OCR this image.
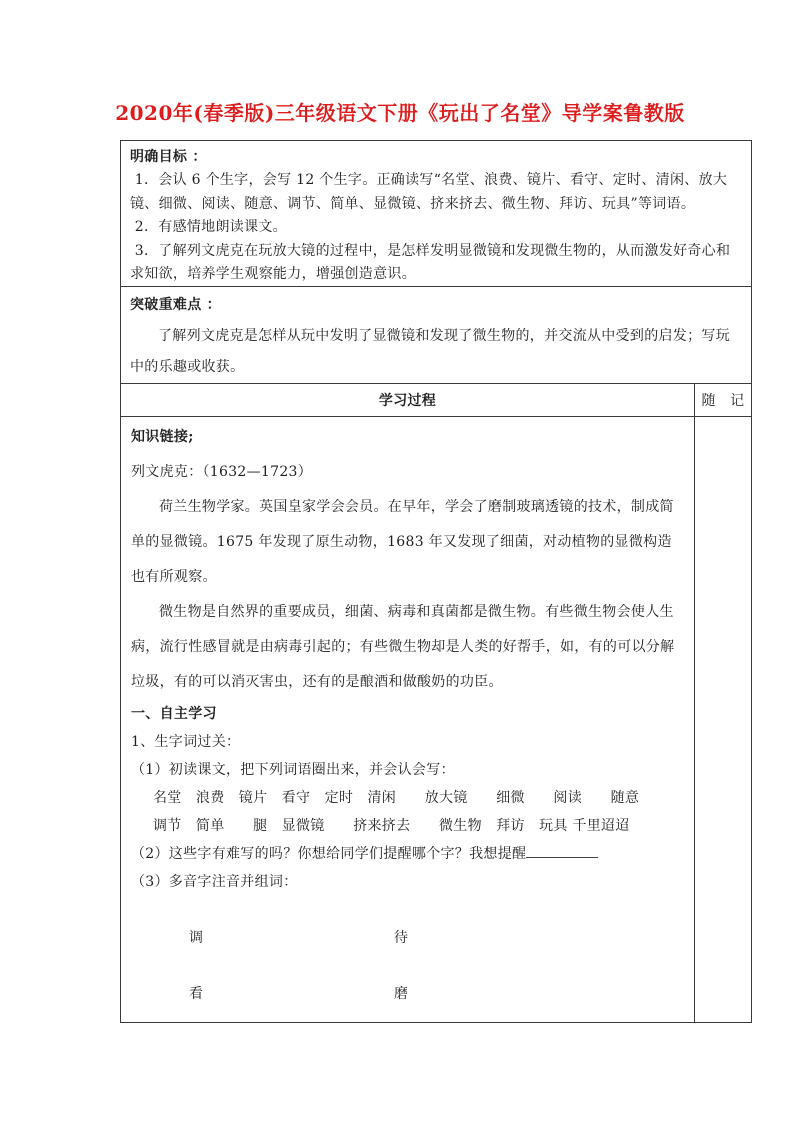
2020年(春季版)三年级语文下册《玩出了名堂》导学案鲁教版
明确目标 ：

1．会认 6 个生字，会写 12 个生字。正确读写“名堂、浪费、镜片、看守、定时、清闲、放大镜、细微、阅读、随意、调节、简单、显微镜、挤来挤去、微生物、拜访、玩具”等词语。

2．有感情地朗读课文。

3．了解列文虎克在玩放大镜的过程中，是怎样发明显微镜和发现微生物的，从而激发好奇心和求知欲，培养学生观察能力，增强创造意识。

突破重难点 ：

了解列文虎克是怎样从玩中发明了显微镜和发现了微生物的，并交流从中受到的启发；写玩中的乐趣或收获。

学习过程	随　记

知识链接;

列文虎克：（1632—1723）

荷兰生物学家。英国皇家学会会员。在早年，学会了磨制玻璃透镜的技术，制成简单的显微镜。1675 年发现了原生动物，1683 年又发现了细菌，对动植物的显微构造也有所观察。

微生物是自然界的重要成员，细菌、病毒和真菌都是微生物。有些微生物会使人生病，流行性感冒就是由病毒引起的；有些微生物却是人类的好帮手，如，有的可以分解垃圾，有的可以消灭害虫，还有的是酿酒和做酸奶的功臣。

一、自主学习

1、生字词过关：

（1）初读课文，把下列词语圈出来，并会认会写：

名堂　浪费　镜片　看守　定时　清闲　　放大镜　　细微　　阅读　　随意

调节　简单　　腿　显微镜　　挤来挤去　　微生物　拜访　玩具 千里迢迢

（2）这些字有难写的吗？你想给同学们提醒哪个字？我想提醒

（3）多音字注音并组词：

调	待

看	磨
